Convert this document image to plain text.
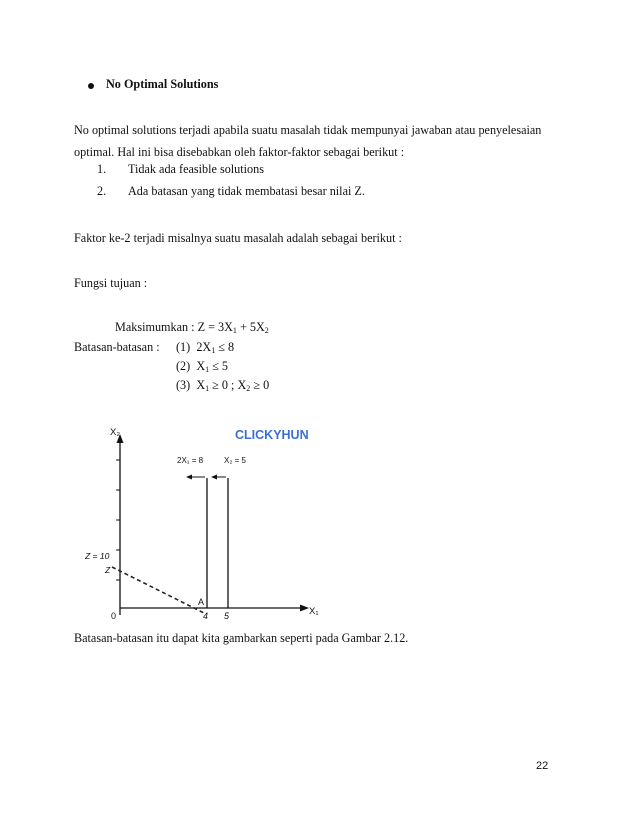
No Optimal Solutions
No optimal solutions terjadi apabila suatu masalah tidak mempunyai jawaban atau penyelesaian
optimal. Hal ini bisa disebabkan oleh faktor-faktor sebagai berikut :
1. Tidak ada feasible solutions
2. Ada batasan yang tidak membatasi besar nilai Z.
Faktor ke-2 terjadi misalnya suatu masalah adalah sebagai berikut :
Fungsi tujuan :
Maksimumkan : $Z = 3X_1 + 5X_2$
Batasan-batasan : (1) $2X_1 \le 8$
(2) $X_1 \le 5$
(3) $X_1 \ge 0$ ; $X_2 \ge 0$
X₂	CLICKYHUN
2X₁ = 8	X₂ = 5
Z = 10
Z
A
0	4 5	X₁
Batasan-batasan itu dapat kita gambarkan seperti pada Gambar 2.12.
22
